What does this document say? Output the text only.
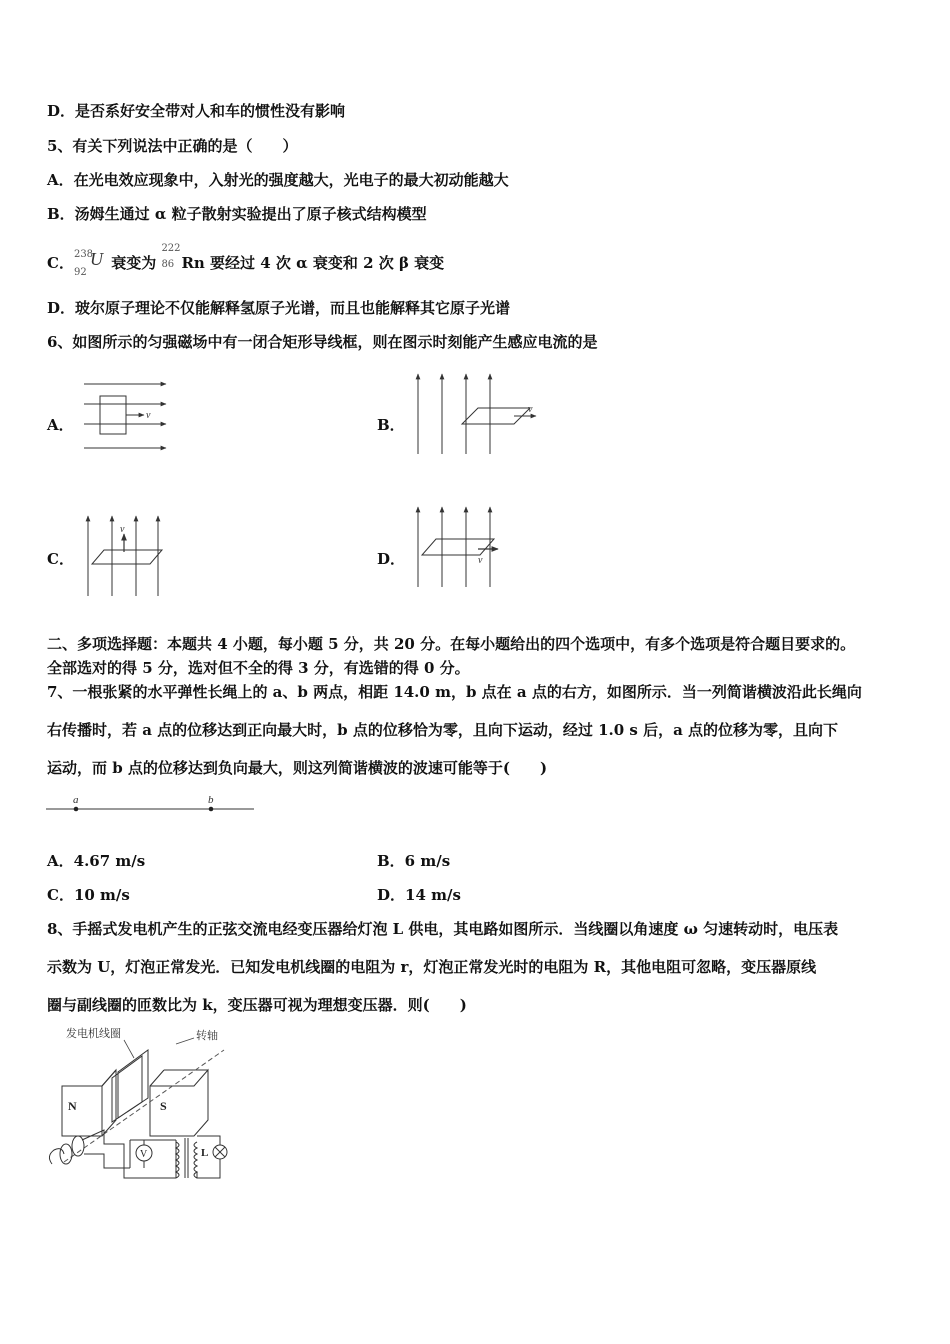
D．是否系好安全带对人和车的惯性没有影响
5、有关下列说法中正确的是（　　）
A．在光电效应现象中，入射光的强度越大，光电子的最大初动能越大
B．汤姆生通过 α 粒子散射实验提出了原子核式结构模型
C． 238
92
U 衰变为
222
86 Rn 要经过 4 次 α 衰变和 2 次 β 衰变
D．玻尔原子理论不仅能解释氢原子光谱，而且也能解释其它原子光谱
6、如图所示的匀强磁场中有一闭合矩形导线框，则在图示时刻能产生感应电流的是
A．
v
B．
v
C．
v
D．	v
二、多项选择题：本题共 4 小题，每小题 5 分，共 20 分。在每小题给出的四个选项中，有多个选项是符合题目要求的。
全部选对的得 5 分，选对但不全的得 3 分，有选错的得 0 分。
7、一根张紧的水平弹性长绳上的 a、b 两点，相距 14.0 m，b 点在 a 点的右方，如图所示．当一列简谐横波沿此长绳向
右传播时，若 a 点的位移达到正向最大时，b 点的位移恰为零，且向下运动，经过 1.0 s 后，a 点的位移为零，且向下
运动，而 b 点的位移达到负向最大，则这列简谐横波的波速可能等于(　　)
a	b
A．4.67 m/s	B．6 m/s
C．10 m/s	D．14 m/s
8、手摇式发电机产生的正弦交流电经变压器给灯泡 L 供电，其电路如图所示．当线圈以角速度 ω 匀速转动时，电压表
示数为 U，灯泡正常发光．已知发电机线圈的电阻为 r，灯泡正常发光时的电阻为 R，其他电阻可忽略，变压器原线
圈与副线圈的匝数比为 k，变压器可视为理想变压器．则(　　)
发电机线圈	转轴
N	S
V	L
